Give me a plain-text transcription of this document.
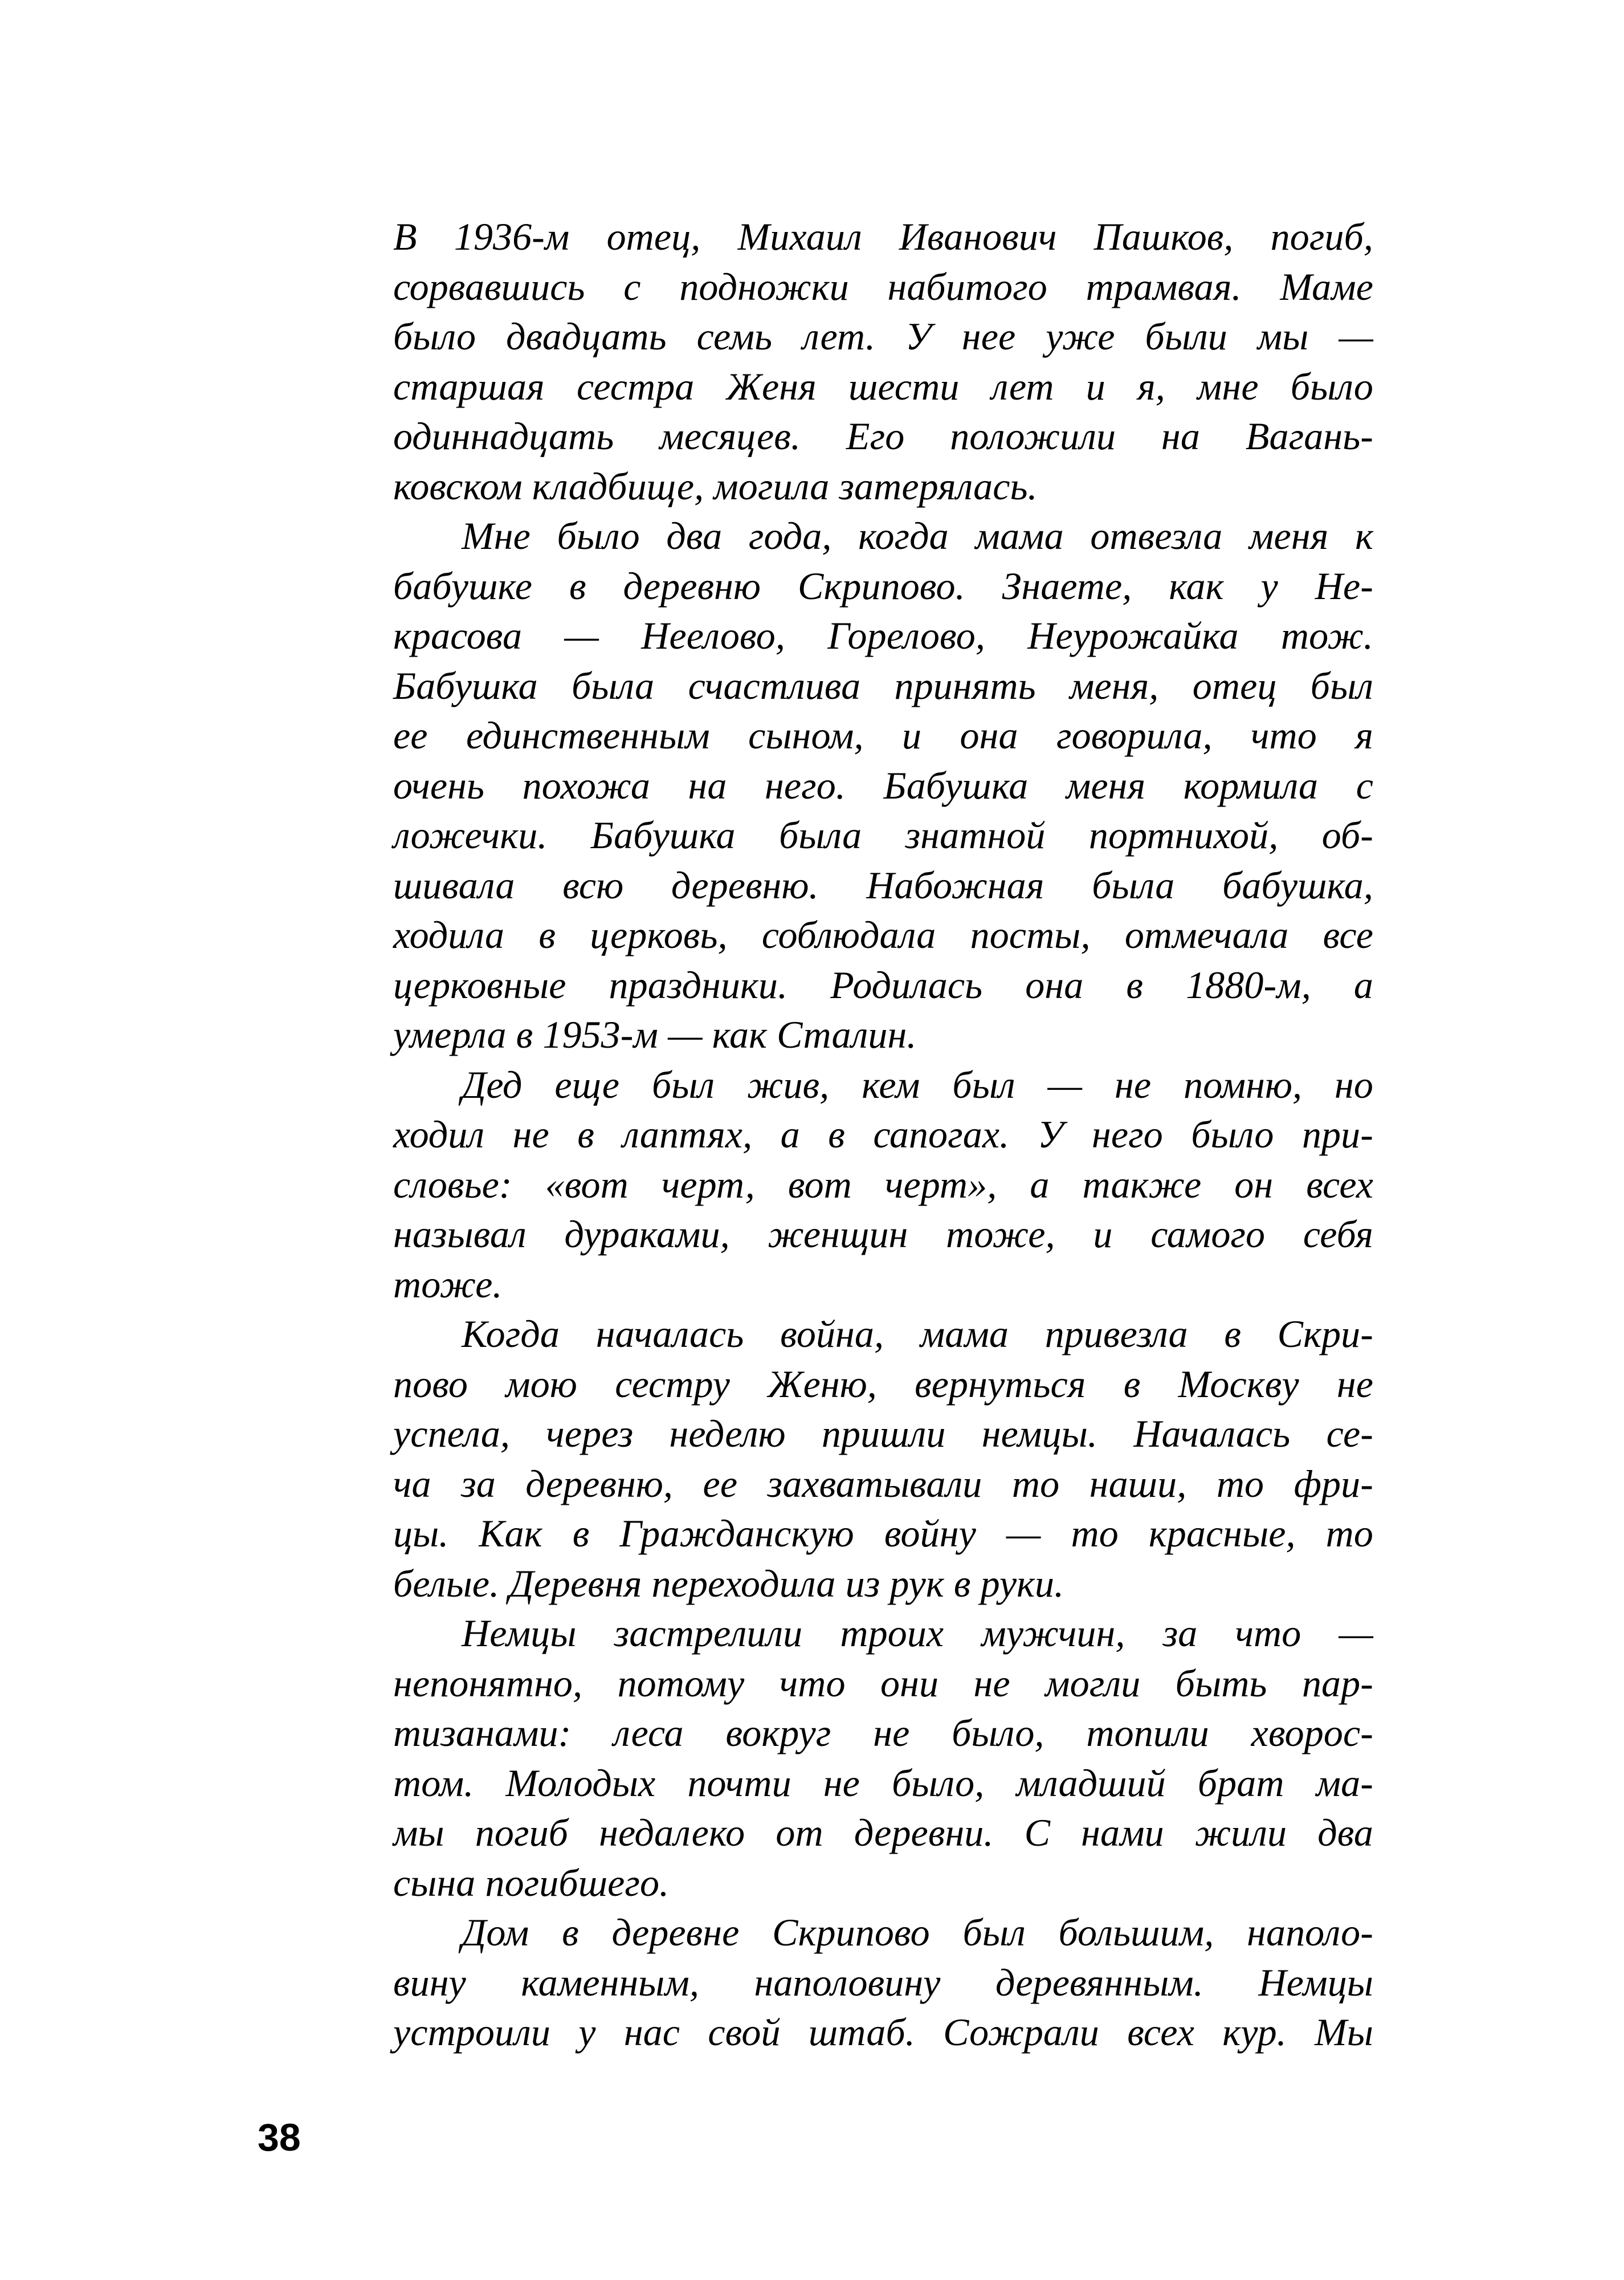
В 1936-м отец, Михаил Иванович Пашков, погиб,
сорвавшись с подножки набитого трамвая. Маме
было двадцать семь лет. У нее уже были мы —
старшая сестра Женя шести лет и я, мне было
одиннадцать месяцев. Его положили на Вагань-
ковском кладбище, могила затерялась.
Мне было два года, когда мама отвезла меня к
бабушке в деревню Скрипово. Знаете, как у Не-
красова — Неелово, Горелово, Неурожайка тож.
Бабушка была счастлива принять меня, отец был
ее единственным сыном, и она говорила, что я
очень похожа на него. Бабушка меня кормила с
ложечки. Бабушка была знатной портнихой, об-
шивала всю деревню. Набожная была бабушка,
ходила в церковь, соблюдала посты, отмечала все
церковные праздники. Родилась она в 1880-м, а
умерла в 1953-м — как Сталин.
Дед еще был жив, кем был — не помню, но
ходил не в лаптях, а в сапогах. У него было при-
словье: «вот черт, вот черт», а также он всех
называл дураками, женщин тоже, и самого себя
тоже.
Когда началась война, мама привезла в Скри-
пово мою сестру Женю, вернуться в Москву не
успела, через неделю пришли немцы. Началась се-
ча за деревню, ее захватывали то наши, то фри-
цы. Как в Гражданскую войну — то красные, то
белые. Деревня переходила из рук в руки.
Немцы застрелили троих мужчин, за что —
непонятно, потому что они не могли быть пар-
тизанами: леса вокруг не было, топили хворос-
том. Молодых почти не было, младший брат ма-
мы погиб недалеко от деревни. С нами жили два
сына погибшего.
Дом в деревне Скрипово был большим, наполо-
вину каменным, наполовину деревянным. Немцы
устроили у нас свой штаб. Сожрали всех кур. Мы
38
